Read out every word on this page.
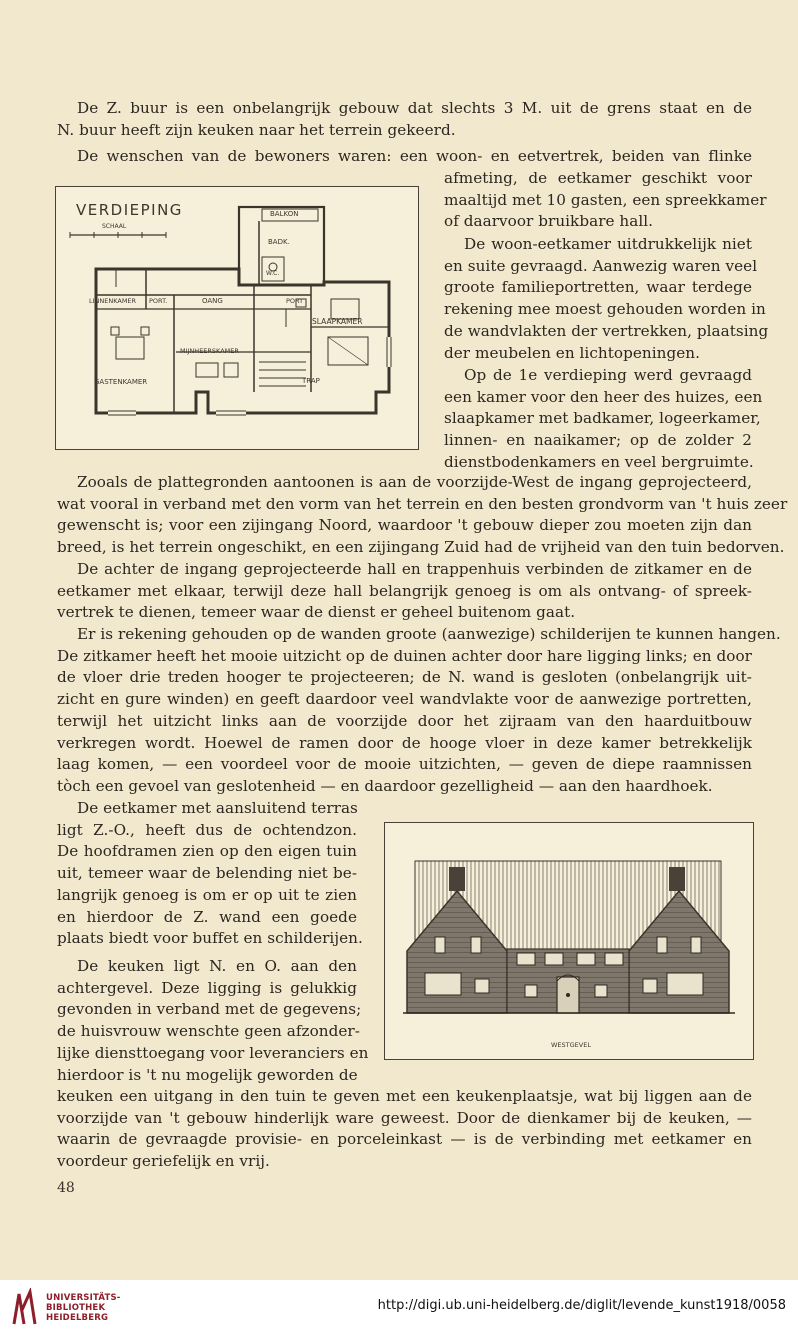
De Z. buur is een onbelangrijk gebouw dat slechts 3 M. uit de grens staat en de
N. buur heeft zijn keuken naar het terrein gekeerd.
De wenschen van de bewoners waren: een woon- en eetvertrek, beiden van flinke
afmeting, de eetkamer geschikt voor
maaltijd met 10 gasten, een spreekkamer
of daarvoor bruikbare hall.
De woon-eetkamer uitdrukkelijk niet
en suite gevraagd. Aanwezig waren veel
groote familieportretten, waar terdege
rekening mee moest gehouden worden in
de wandvlakten der vertrekken, plaatsing
der meubelen en lichtopeningen.
Op de 1e verdieping werd gevraagd
een kamer voor den heer des huizes, een
slaapkamer met badkamer, logeerkamer,
linnen- en naaikamer; op de zolder 2
dienstbodenkamers en veel bergruimte.
Zooals de plattegronden aantoonen is aan de voorzijde-West de ingang geprojecteerd,
wat vooral in verband met den vorm van het terrein en den besten grondvorm van 't huis zeer
gewenscht is; voor een zijingang Noord, waardoor 't gebouw dieper zou moeten zijn dan
breed, is het terrein ongeschikt, en een zijingang Zuid had de vrijheid van den tuin bedorven.
De achter de ingang geprojecteerde hall en trappenhuis verbinden de zitkamer en de
eetkamer met elkaar, terwijl deze hall belangrijk genoeg is om als ontvang- of spreek-
vertrek te dienen, temeer waar de dienst er geheel buitenom gaat.
Er is rekening gehouden op de wanden groote (aanwezige) schilderijen te kunnen hangen.
De zitkamer heeft het mooie uitzicht op de duinen achter door hare ligging links; en door
de vloer drie treden hooger te projecteeren; de N. wand is gesloten (onbelangrijk uit-
zicht en gure winden) en geeft daardoor veel wandvlakte voor de aanwezige portretten,
terwijl het uitzicht links aan de voorzijde door het zijraam van den haarduitbouw
verkregen wordt. Hoewel de ramen door de hooge vloer in deze kamer betrekkelijk
laag komen, — een voordeel voor de mooie uitzichten, — geven de diepe raamnissen
tòch een gevoel van geslotenheid — en daardoor gezelligheid — aan den haardhoek.
De eetkamer met aansluitend terras
ligt Z.-O., heeft dus de ochtendzon.
De hoofdramen zien op den eigen tuin
uit, temeer waar de belending niet be-
langrijk genoeg is om er op uit te zien
en hierdoor de Z. wand een goede
plaats biedt voor buffet en schilderijen.
De keuken ligt N. en O. aan den
achtergevel. Deze ligging is gelukkig
gevonden in verband met de gegevens;
de huisvrouw wenschte geen afzonder-
lijke diensttoegang voor leveranciers en
hierdoor is 't nu mogelijk geworden de
keuken een uitgang in den tuin te geven met een keukenplaatsje, wat bij liggen aan de
voorzijde van 't gebouw hinderlijk ware geweest. Door de dienkamer bij de keuken, —
waarin de gevraagde provisie- en porceleinkast — is de verbinding met eetkamer en
voordeur geriefelijk en vrij.
VERDIEPING
SCHAAL
BALKON
BADK.
W.C.
LINNENKAMER PORT.	OANG	PORT
SLAAPKAMER
MIJNHEERSKAMER
GASTENKAMER	TRAP
WESTGEVEL
48
UNIVERSITÄTS-
BIBLIOTHEK
HEIDELBERG
http://digi.ub.uni-heidelberg.de/diglit/levende_kunst1918/0058
